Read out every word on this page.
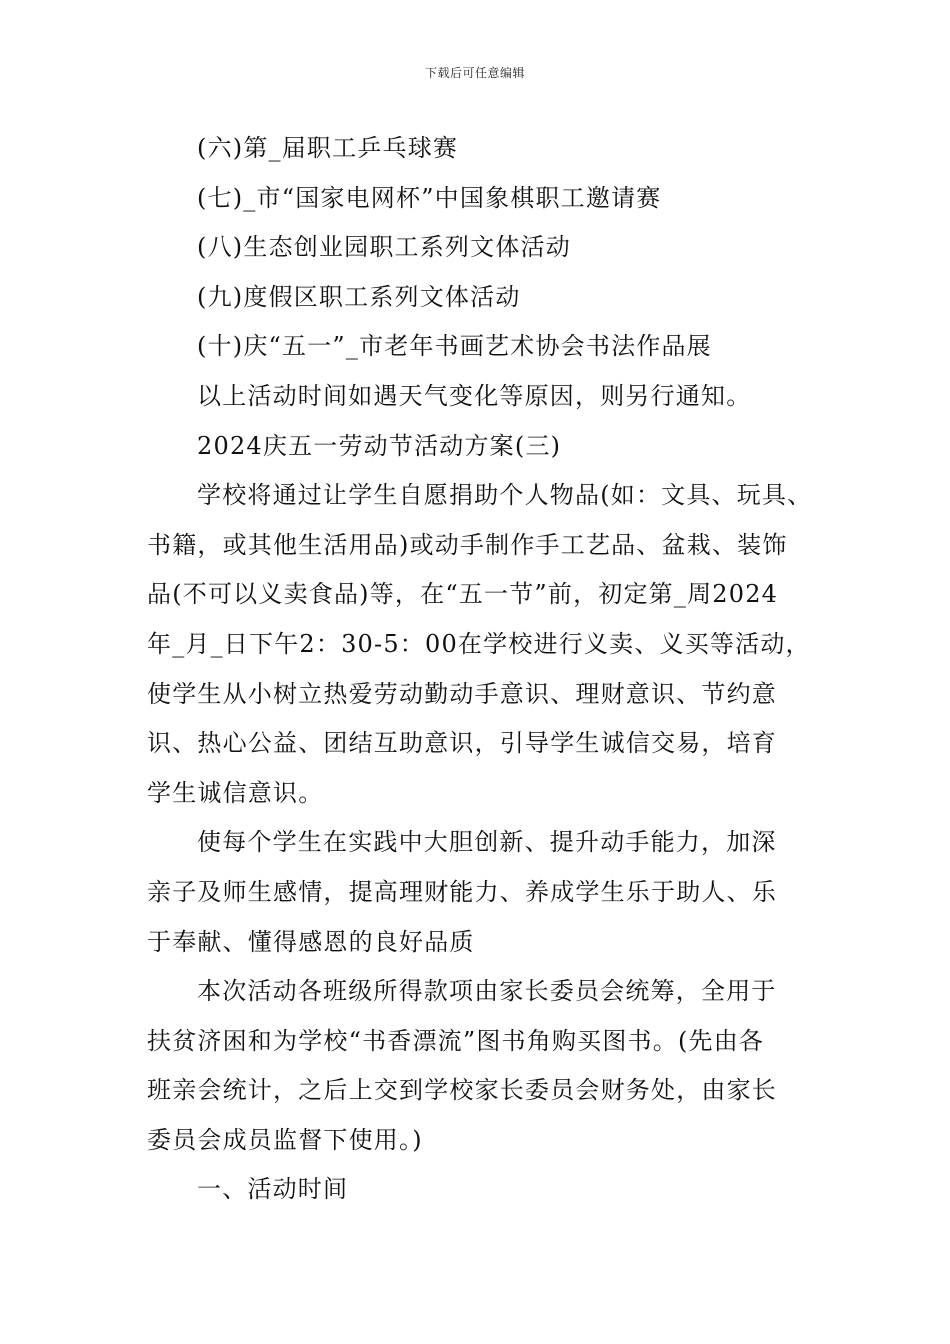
下载后可任意编辑
(六)第_届职工乒乓球赛
(七)_市“国家电网杯”中国象棋职工邀请赛
(八)生态创业园职工系列文体活动
(九)度假区职工系列文体活动
(十)庆“五一”_市老年书画艺术协会书法作品展
以上活动时间如遇天气变化等原因，则另行通知。
2024庆五一劳动节活动方案(三)
学校将通过让学生自愿捐助个人物品(如：文具、玩具、
书籍，或其他生活用品)或动手制作手工艺品、盆栽、装饰
品(不可以义卖食品)等，在“五一节”前，初定第_周2024
年_月_日下午2：30-5：00在学校进行义卖、义买等活动，
使学生从小树立热爱劳动勤动手意识、理财意识、节约意
识、热心公益、团结互助意识，引导学生诚信交易，培育
学生诚信意识。
使每个学生在实践中大胆创新、提升动手能力，加深
亲子及师生感情，提高理财能力、养成学生乐于助人、乐
于奉献、懂得感恩的良好品质
本次活动各班级所得款项由家长委员会统筹，全用于
扶贫济困和为学校“书香漂流”图书角购买图书。(先由各
班亲会统计，之后上交到学校家长委员会财务处，由家长
委员会成员监督下使用。)
一、活动时间
